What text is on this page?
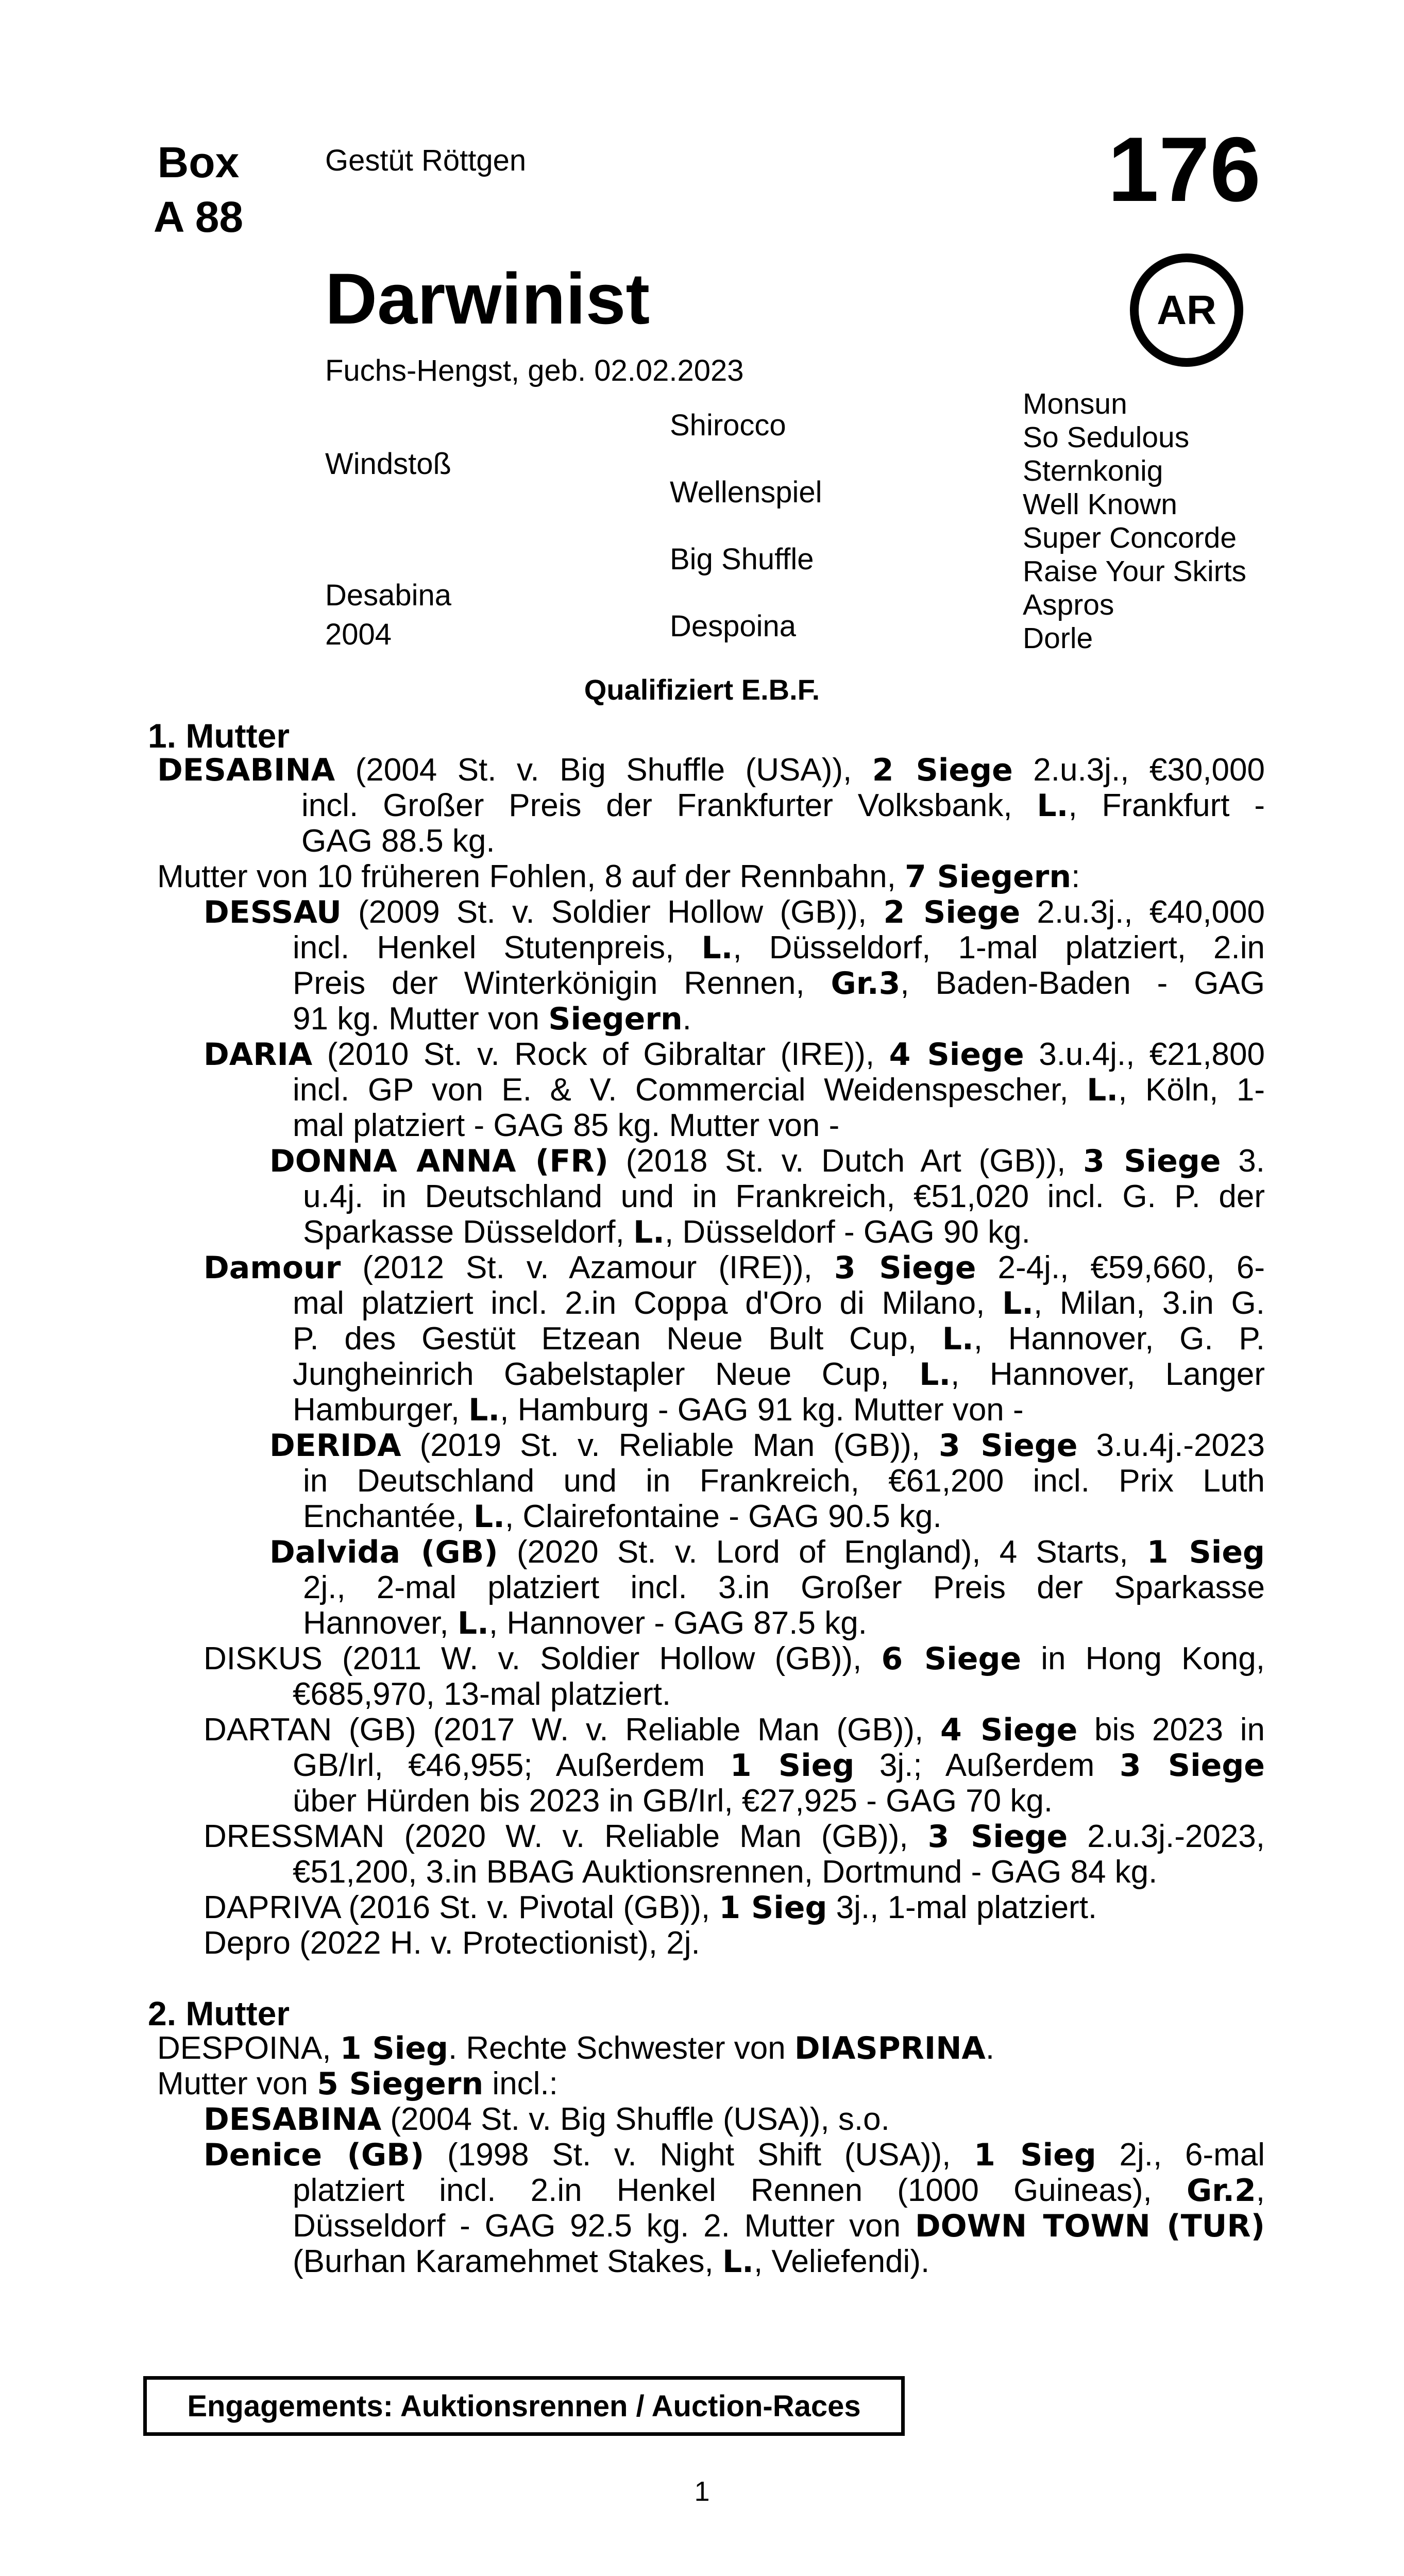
Box
A 88
Gestüt Röttgen	176
AR
Darwinist
Fuchs-Hengst, geb. 02.02.2023
Windstoß
Desabina
2004
Shirocco
Wellenspiel
Big Shuffle
Despoina
Monsun
So Sedulous
Sternkonig
Well Known
Super Concorde
Raise Your Skirts
Aspros
Dorle
Qualifiziert E.B.F.
1. Mutter
DESABINA (2004 St. v. Big Shuffle (USA)), 2 Siege 2.u.3j., €30,000
incl. Großer Preis der Frankfurter Volksbank, L., Frankfurt -
GAG 88.5 kg.
Mutter von 10 früheren Fohlen, 8 auf der Rennbahn, 7 Siegern:
DESSAU (2009 St. v. Soldier Hollow (GB)), 2 Siege 2.u.3j., €40,000
incl. Henkel Stutenpreis, L., Düsseldorf, 1-mal platziert, 2.in
Preis der Winterkönigin Rennen, Gr.3, Baden-Baden - GAG
91 kg. Mutter von Siegern.
DARIA (2010 St. v. Rock of Gibraltar (IRE)), 4 Siege 3.u.4j., €21,800
incl. GP von E. & V. Commercial Weidenspescher, L., Köln, 1-
mal platziert - GAG 85 kg. Mutter von -
DONNA ANNA (FR) (2018 St. v. Dutch Art (GB)), 3 Siege 3.
u.4j. in Deutschland und in Frankreich, €51,020 incl. G. P. der
Sparkasse Düsseldorf, L., Düsseldorf - GAG 90 kg.
Damour (2012 St. v. Azamour (IRE)), 3 Siege 2-4j., €59,660, 6-
mal platziert incl. 2.in Coppa d'Oro di Milano, L., Milan, 3.in G.
P. des Gestüt Etzean Neue Bult Cup, L., Hannover, G. P.
Jungheinrich Gabelstapler Neue Cup, L., Hannover, Langer
Hamburger, L., Hamburg - GAG 91 kg. Mutter von -
DERIDA (2019 St. v. Reliable Man (GB)), 3 Siege 3.u.4j.-2023
in Deutschland und in Frankreich, €61,200 incl. Prix Luth
Enchantée, L., Clairefontaine - GAG 90.5 kg.
Dalvida (GB) (2020 St. v. Lord of England), 4 Starts, 1 Sieg
2j., 2-mal platziert incl. 3.in Großer Preis der Sparkasse
Hannover, L., Hannover - GAG 87.5 kg.
DISKUS (2011 W. v. Soldier Hollow (GB)), 6 Siege in Hong Kong,
€685,970, 13-mal platziert.
DARTAN (GB) (2017 W. v. Reliable Man (GB)), 4 Siege bis 2023 in
GB/Irl, €46,955; Außerdem 1 Sieg 3j.; Außerdem 3 Siege
über Hürden bis 2023 in GB/Irl, €27,925 - GAG 70 kg.
DRESSMAN (2020 W. v. Reliable Man (GB)), 3 Siege 2.u.3j.-2023,
€51,200, 3.in BBAG Auktionsrennen, Dortmund - GAG 84 kg.
DAPRIVA (2016 St. v. Pivotal (GB)), 1 Sieg 3j., 1-mal platziert.
Depro (2022 H. v. Protectionist), 2j.
2. Mutter
DESPOINA, 1 Sieg. Rechte Schwester von DIASPRINA.
Mutter von 5 Siegern incl.:
DESABINA (2004 St. v. Big Shuffle (USA)), s.o.
Denice (GB) (1998 St. v. Night Shift (USA)), 1 Sieg 2j., 6-mal
platziert incl. 2.in Henkel Rennen (1000 Guineas), Gr.2,
Düsseldorf - GAG 92.5 kg. 2. Mutter von DOWN TOWN (TUR)
(Burhan Karamehmet Stakes, L., Veliefendi).
Engagements: Auktionsrennen / Auction-Races
1
